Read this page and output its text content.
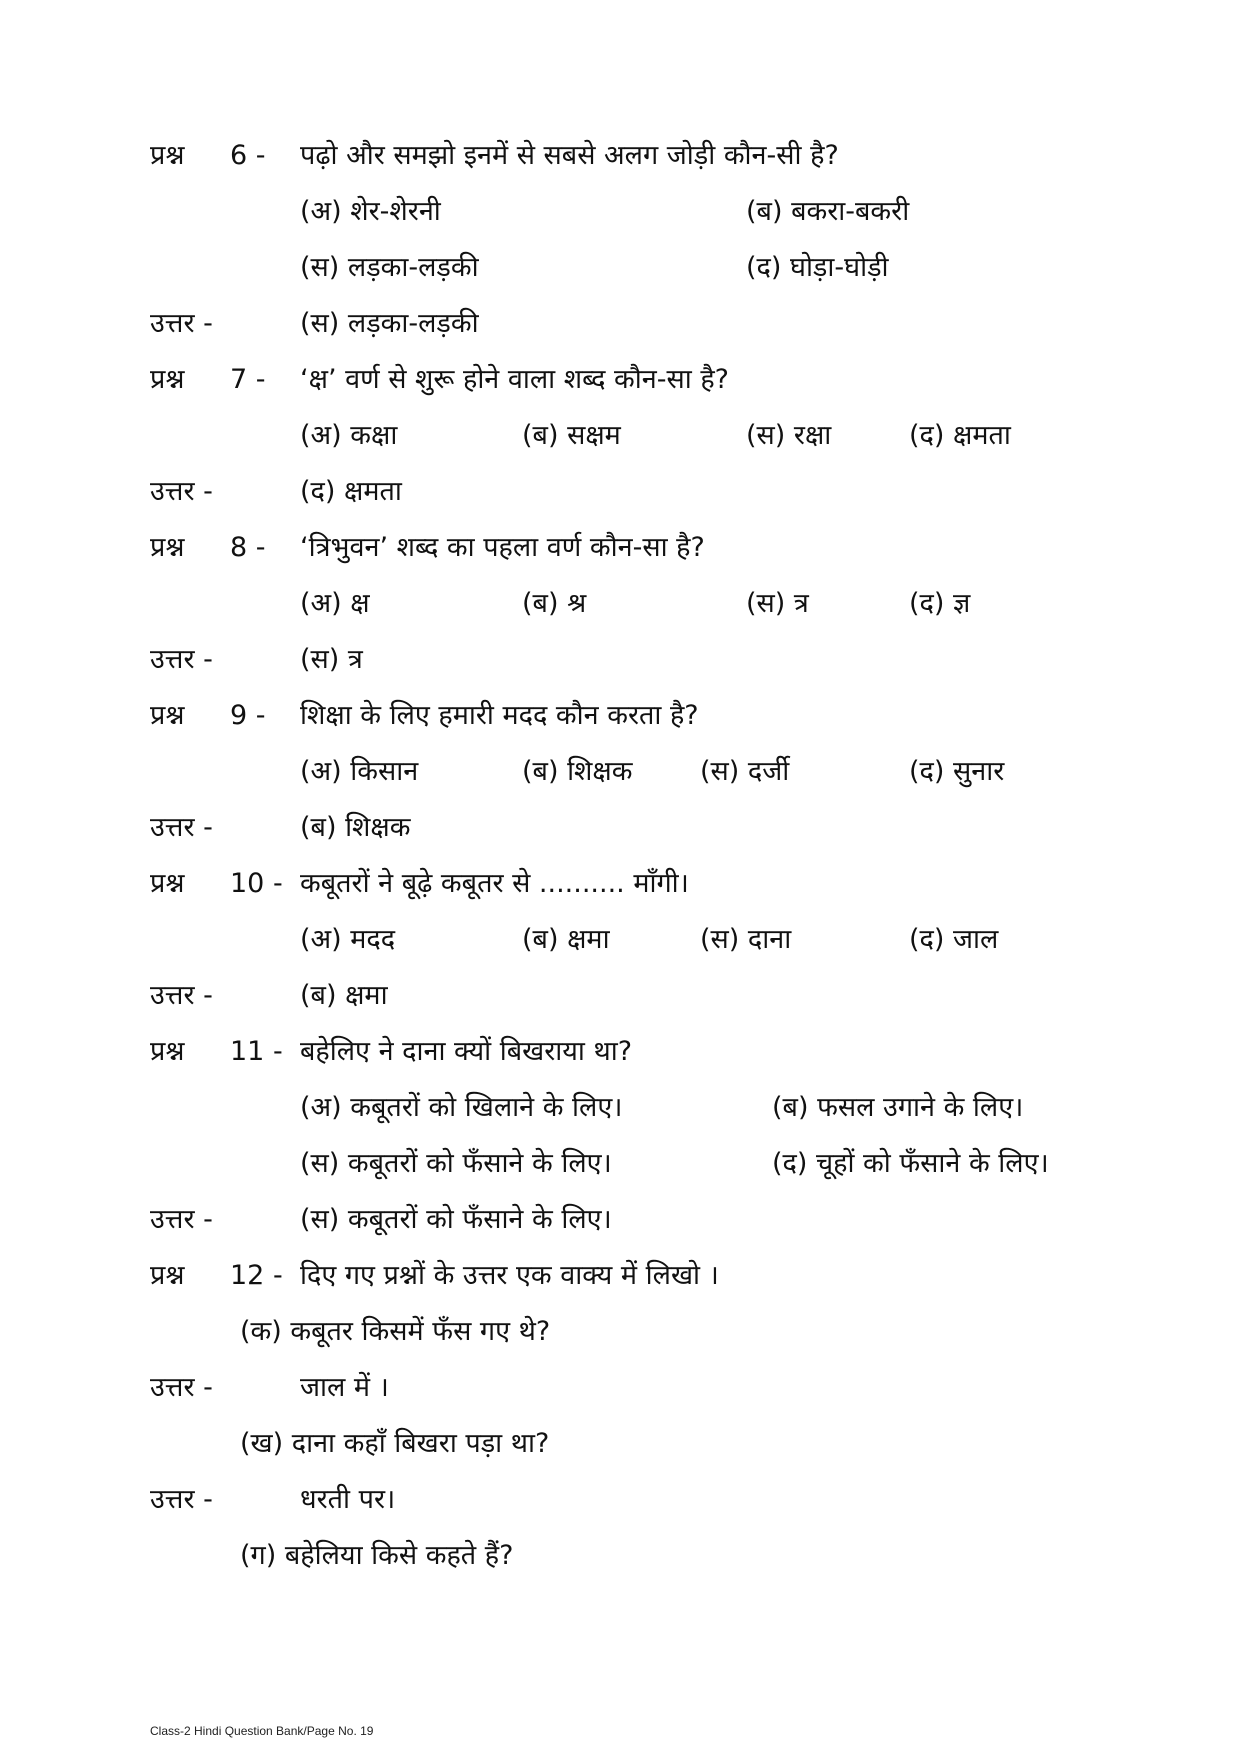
प्रश्न 6 - पढ़ो और समझो इनमें से सबसे अलग जोड़ी कौन-सी है?
(अ) शेर-शेरनी	(ब) बकरा-बकरी
(स) लड़का-लड़की	(द) घोड़ा-घोड़ी
उत्तर -	(स) लड़का-लड़की
प्रश्न 7 - ‘क्ष’ वर्ण से शुरू होने वाला शब्द कौन-सा है?
(अ) कक्षा	(ब) सक्षम	(स) रक्षा	(द) क्षमता
उत्तर -	(द) क्षमता
प्रश्न 8 - ‘त्रिभुवन’ शब्द का पहला वर्ण कौन-सा है?
(अ) क्ष	(ब) श्र	(स) त्र	(द) ज्ञ
उत्तर -	(स) त्र
प्रश्न 9 - शिक्षा के लिए हमारी मदद कौन करता है?
(अ) किसान	(ब) शिक्षक (स) दर्जी	(द) सुनार
उत्तर -	(ब) शिक्षक
प्रश्न 10 - कबूतरों ने बूढ़े कबूतर से .......... माँगी।
(अ) मदद	(ब) क्षमा	(स) दाना	(द) जाल
उत्तर -	(ब) क्षमा
प्रश्न 11 - बहेलिए ने दाना क्यों बिखराया था?
(अ) कबूतरों को खिलाने के लिए।	(ब) फसल उगाने के लिए।
(स) कबूतरों को फँसाने के लिए।	(द) चूहों को फँसाने के लिए।
उत्तर -	(स) कबूतरों को फँसाने के लिए।
प्रश्न 12 - दिए गए प्रश्नों के उत्तर एक वाक्य में लिखो ।
(क) कबूतर किसमें फँस गए थे?
उत्तर -	जाल में ।
(ख) दाना कहाँ बिखरा पड़ा था?
उत्तर -	धरती पर।
(ग) बहेलिया किसे कहते हैं?
Class-2 Hindi Question Bank/Page No. 19
